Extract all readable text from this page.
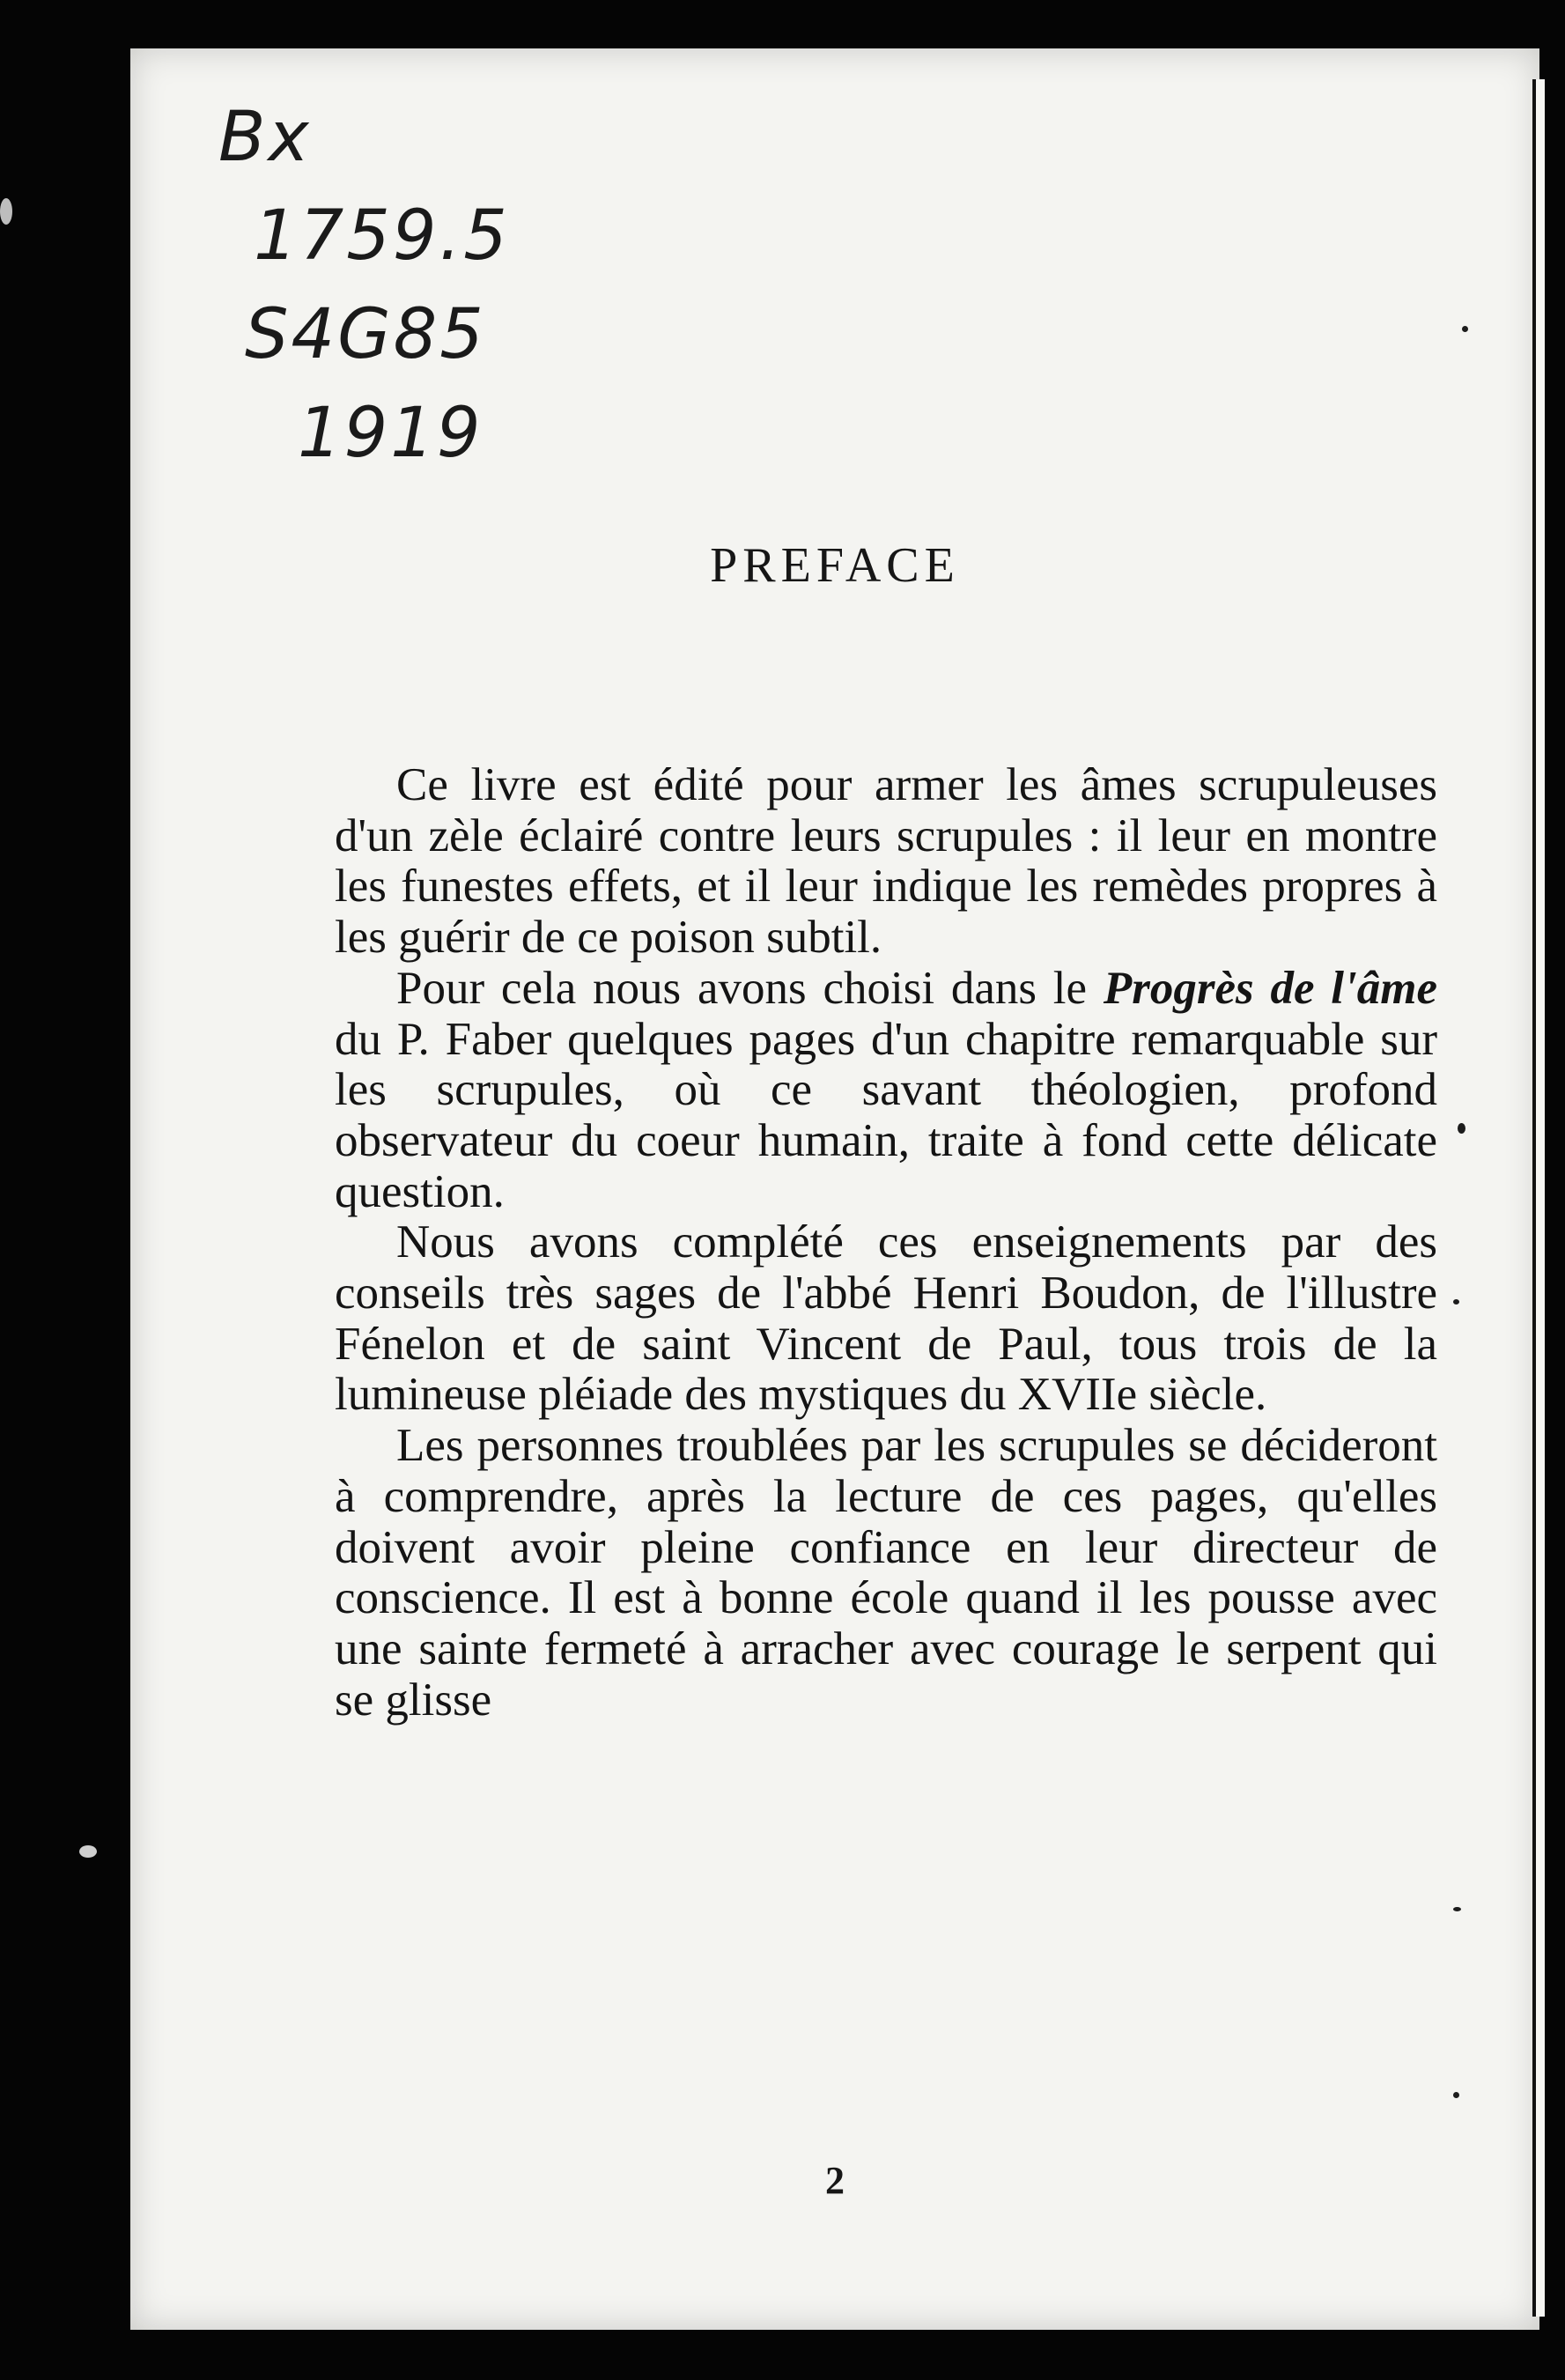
Bx
1759.5
S4G85
1919
PREFACE

Ce livre est édité pour armer les âmes scrupuleuses d'un zèle éclairé contre leurs scrupules : il leur en montre les funestes effets, et il leur indique les remèdes propres à les guérir de ce poison subtil.

Pour cela nous avons choisi dans le Progrès de l'âme du P. Faber quelques pages d'un chapitre remarquable sur les scrupules, où ce savant théologien, profond observateur du coeur humain, traite à fond cette délicate question.

Nous avons complété ces enseignements par des conseils très sages de l'abbé Henri Boudon, de l'illustre Fénelon et de saint Vincent de Paul, tous trois de la lumineuse pléiade des mystiques du XVIIe siècle.

Les personnes troublées par les scrupules se décideront à comprendre, après la lecture de ces pages, qu'elles doivent avoir pleine confiance en leur directeur de conscience. Il est à bonne école quand il les pousse avec une sainte fermeté à arracher avec courage le serpent qui se glisse

2
